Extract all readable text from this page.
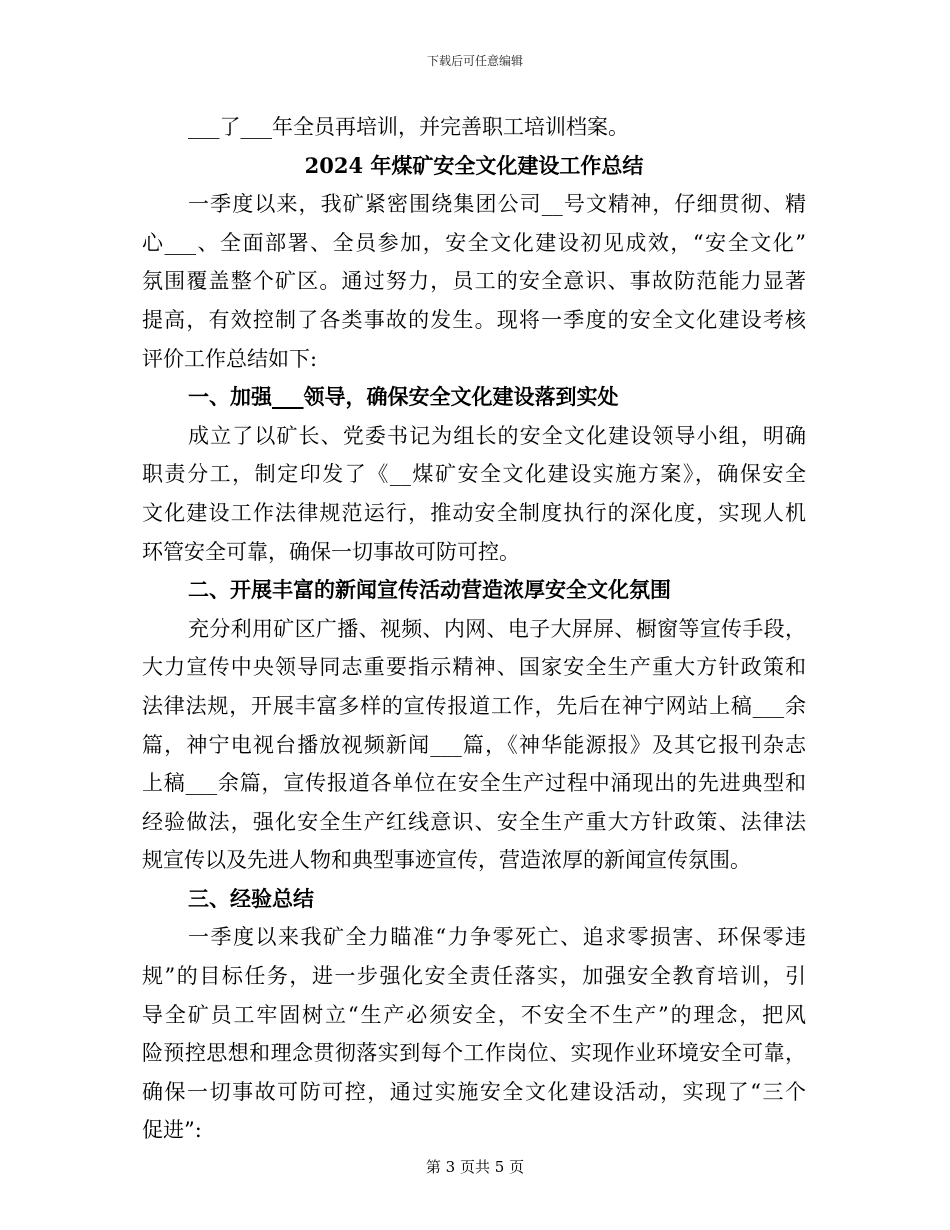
下载后可任意编辑
___了___年全员再培训，并完善职工培训档案。
2024 年煤矿安全文化建设工作总结
一季度以来，我矿紧密围绕集团公司__号文精神，仔细贯彻、精
心___、全面部署、全员参加，安全文化建设初见成效，“安全文化”
氛围覆盖整个矿区。通过努力，员工的安全意识、事故防范能力显著
提高，有效控制了各类事故的发生。现将一季度的安全文化建设考核
评价工作总结如下:
一、加强___领导，确保安全文化建设落到实处
成立了以矿长、党委书记为组长的安全文化建设领导小组，明确
职责分工，制定印发了《__煤矿安全文化建设实施方案》，确保安全
文化建设工作法律规范运行，推动安全制度执行的深化度，实现人机
环管安全可靠，确保一切事故可防可控。
二、开展丰富的新闻宣传活动营造浓厚安全文化氛围
充分利用矿区广播、视频、内网、电子大屏屏、橱窗等宣传手段，
大力宣传中央领导同志重要指示精神、国家安全生产重大方针政策和
法律法规，开展丰富多样的宣传报道工作，先后在神宁网站上稿___余
篇，神宁电视台播放视频新闻___篇，《神华能源报》及其它报刊杂志
上稿___余篇，宣传报道各单位在安全生产过程中涌现出的先进典型和
经验做法，强化安全生产红线意识、安全生产重大方针政策、法律法
规宣传以及先进人物和典型事迹宣传，营造浓厚的新闻宣传氛围。
三、经验总结
一季度以来我矿全力瞄准“力争零死亡、追求零损害、环保零违
规”的目标任务，进一步强化安全责任落实，加强安全教育培训，引
导全矿员工牢固树立“生产必须安全，不安全不生产”的理念，把风
险预控思想和理念贯彻落实到每个工作岗位、实现作业环境安全可靠，
确保一切事故可防可控，通过实施安全文化建设活动，实现了“三个
促进”:
第 3 页共 5 页
